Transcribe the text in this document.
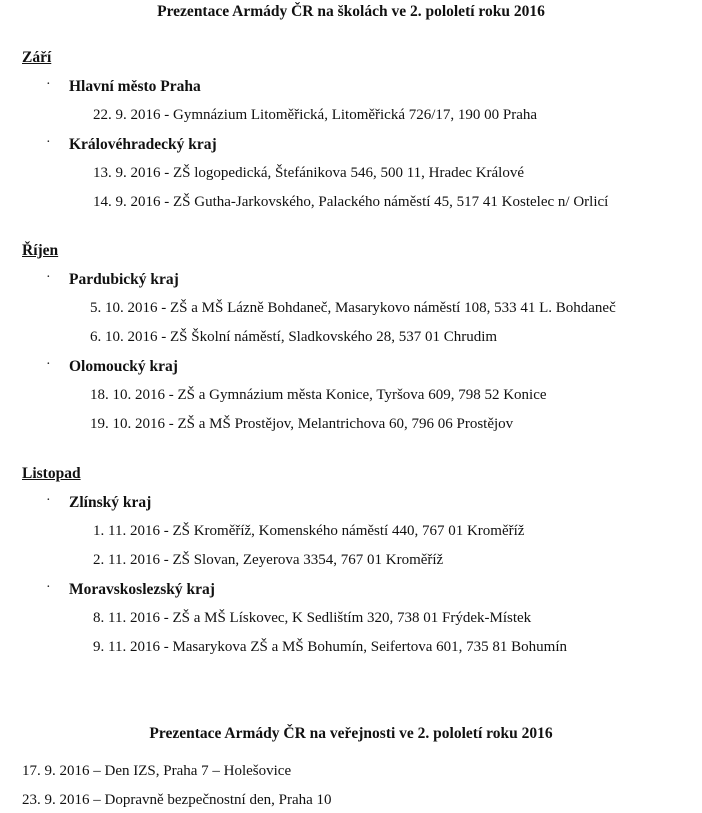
Prezentace Armády ČR na školách ve 2. pololetí roku 2016
Září
· Hlavní město Praha
22. 9. 2016 - Gymnázium Litoměřická, Litoměřická 726/17, 190 00 Praha
· Královéhradecký kraj
13. 9. 2016 - ZŠ logopedická, Štefánikova 546, 500 11, Hradec Králové
14. 9. 2016 - ZŠ Gutha-Jarkovského, Palackého náměstí 45, 517 41 Kostelec n/ Orlicí
Říjen
· Pardubický kraj
5. 10. 2016 - ZŠ a MŠ Lázně Bohdaneč, Masarykovo náměstí 108, 533 41 L. Bohdaneč
6. 10. 2016 - ZŠ Školní náměstí, Sladkovského 28, 537 01 Chrudim
· Olomoucký kraj
18. 10. 2016 - ZŠ a Gymnázium města Konice, Tyršova 609, 798 52 Konice
19. 10. 2016 - ZŠ a MŠ Prostějov, Melantrichova 60, 796 06 Prostějov
Listopad
· Zlínský kraj
1. 11. 2016 - ZŠ Kroměříž, Komenského náměstí 440, 767 01 Kroměříž
2. 11. 2016 - ZŠ Slovan, Zeyerova 3354, 767 01 Kroměříž
· Moravskoslezský kraj
8. 11. 2016 - ZŠ a MŠ Lískovec, K Sedlištím 320, 738 01 Frýdek-Místek
9. 11. 2016 - Masarykova ZŠ a MŠ Bohumín, Seifertova 601, 735 81 Bohumín
Prezentace Armády ČR na veřejnosti ve 2. pololetí roku 2016
17. 9. 2016 – Den IZS, Praha 7 – Holešovice
23. 9. 2016 – Dopravně bezpečnostní den, Praha 10
